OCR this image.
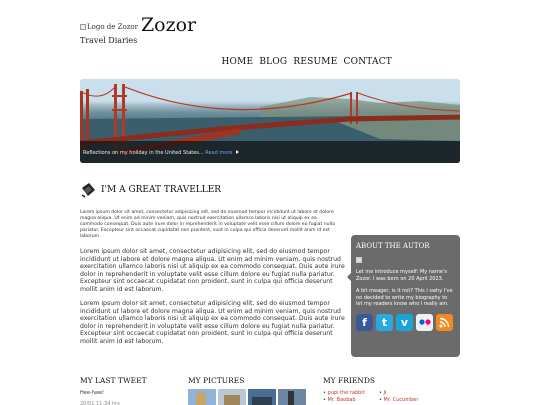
Logo de Zozor Zozor
Travel Diaries
HOME BLOG RESUME CONTACT
Reflections on my holiday in the United States... Read more
I'M A GREAT TRAVELLER

Lorem ipsum dolor sit amet, consectetur adipisicing elit, sed do eiusmod tempor incididunt ut labore et dolore magna aliqua. Ut enim ad minim veniam, quis nostrud exercitation ullamco laboris nisi ut aliquip ex ea commodo consequat. Duis aute irure dolor in reprehenderit in voluptate velit esse cillum dolore eu fugiat nulla pariatur. Excepteur sint occaecat cupidatat non proident, sunt in culpa qui officia deserunt mollit anim id est laborum.

Lorem ipsum dolor sit amet, consectetur adipisicing elit, sed do eiusmod tempor incididunt ut labore et dolore magna aliqua. Ut enim ad minim veniam, quis nostrud exercitation ullamco laboris nisi ut aliquip ex ea commodo consequat. Duis aute irure dolor in reprehenderit in voluptate velit esse cillum dolore eu fugiat nulla pariatur. Excepteur sint occaecat cupidatat non proident, sunt in culpa qui officia deserunt mollit anim id est laborum.

Lorem ipsum dolor sit amet, consectetur adipisicing elit, sed do eiusmod tempor incididunt ut labore et dolore magna aliqua. Ut enim ad minim veniam, quis nostrud exercitation ullamco laboris nisi ut aliquip ex ea commodo consequat. Duis aute irure dolor in reprehenderit in voluptate velit esse cillum dolore eu fugiat nulla pariatur. Excepteur sint occaecat cupidatat non proident, sunt in culpa qui officia deserunt mollit anim id est laborum.

ABOUT THE AUTOR

Let me introduce myself: My name's Zozor. I was born on 20 April 2023.

A bit meager, is it not? This i swhy I've no decided to write my biography to let my readers know who I really am.

f	t	v
MY LAST TWEET	MY PICTURES	MY FRIENDS
Hee-haw!
20/01 11:34 hrs
• pupi the rabbit	• Ji
• Mr. Baobab	• Mr. Cucumber
